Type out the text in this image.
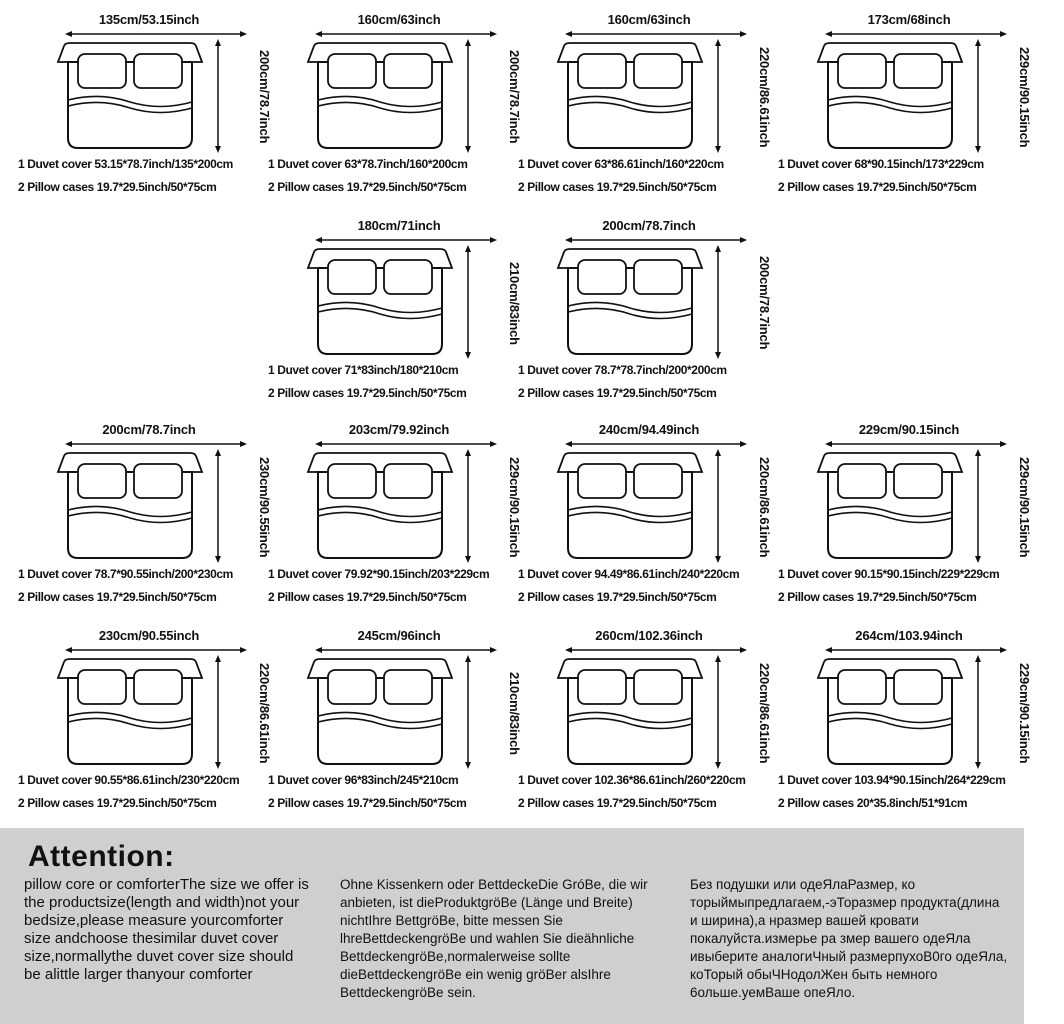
135cm/53.15inch
200cm/78.7inch
1 Duvet cover 53.15*78.7inch/135*200cm
2 Pillow cases 19.7*29.5inch/50*75cm
160cm/63inch
200cm/78.7inch
1 Duvet cover 63*78.7inch/160*200cm
2 Pillow cases 19.7*29.5inch/50*75cm
160cm/63inch
220cm/86.61inch
1 Duvet cover 63*86.61inch/160*220cm
2 Pillow cases 19.7*29.5inch/50*75cm
173cm/68inch
229cm/90.15inch
1 Duvet cover 68*90.15inch/173*229cm
2 Pillow cases 19.7*29.5inch/50*75cm
180cm/71inch
210cm/83inch
1 Duvet cover 71*83inch/180*210cm
2 Pillow cases 19.7*29.5inch/50*75cm
200cm/78.7inch
200cm/78.7inch
1 Duvet cover 78.7*78.7inch/200*200cm
2 Pillow cases 19.7*29.5inch/50*75cm
200cm/78.7inch
230cm/90.55inch
1 Duvet cover 78.7*90.55inch/200*230cm
2 Pillow cases 19.7*29.5inch/50*75cm
203cm/79.92inch
229cm/90.15inch
1 Duvet cover 79.92*90.15inch/203*229cm
2 Pillow cases 19.7*29.5inch/50*75cm
240cm/94.49inch
220cm/86.61inch
1 Duvet cover 94.49*86.61inch/240*220cm
2 Pillow cases 19.7*29.5inch/50*75cm
229cm/90.15inch
229cm/90.15inch
1 Duvet cover 90.15*90.15inch/229*229cm
2 Pillow cases 19.7*29.5inch/50*75cm
230cm/90.55inch
220cm/86.61inch
1 Duvet cover 90.55*86.61inch/230*220cm
2 Pillow cases 19.7*29.5inch/50*75cm
245cm/96inch
210cm/83inch
1 Duvet cover 96*83inch/245*210cm
2 Pillow cases 19.7*29.5inch/50*75cm
260cm/102.36inch
220cm/86.61inch
1 Duvet cover 102.36*86.61inch/260*220cm
2 Pillow cases 19.7*29.5inch/50*75cm
264cm/103.94inch
229cm/90.15inch
1 Duvet cover 103.94*90.15inch/264*229cm
2 Pillow cases 20*35.8inch/51*91cm
Attention:
pillow core or comforterThe size we offer is the productsize(length and width)not your bedsize,please measure yourcomforter size andchoose thesimilar duvet cover size,normallythe duvet cover size should be alittle larger thanyour comforter
Ohne Kissenkern oder BettdeckeDie GróBe, die wir anbieten, ist dieProduktgröBe (Länge und Breite) nichtIhre BettgröBe, bitte messen Sie lhreBettdeckengröBe und wahlen Sie dieähnliche BettdeckengröBe,normalerweise sollte dieBettdeckengröBe ein wenig gröBer alsIhre BettdeckengröBe sein.
Без подушки или одеЯлаРазмер, ко торыймыпредлагаем,-эТоразмер продукта(длина и ширина),а нразмер вашей кровати покалуйста.измерье ра змер вашего одеЯла ивыберите аналогиЧный размерпухоВ0го одеЯла, коТорый обыЧНодолЖен быть немного 6ольше.уемВаше опеЯло.
